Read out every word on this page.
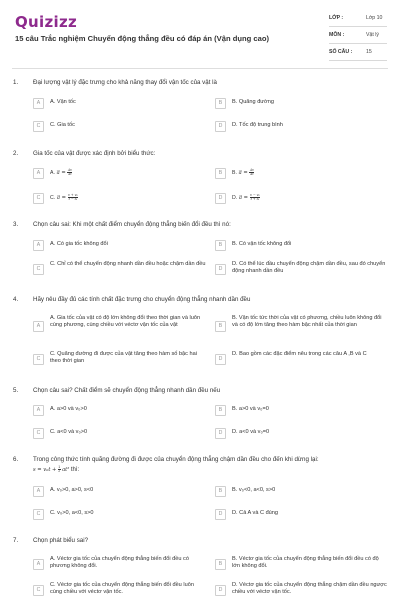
Quizizz
15 câu Trắc nghiệm Chuyển động thẳng đều có đáp án (Vận dụng cao)
LỚP :	Lớp 10
MÔN :	Vật lý
SỐ CÂU :	15
1. Đại lượng vật lý đặc trưng cho khả năng thay đổi vận tốc của vật là
A	A. Vận tốc	B	B. Quãng đường
C	C. Gia tốc	D	D. Tốc độ trung bình
2. Gia tốc của vật được xác định bởi biểu thức:
A	A. → $a = \frac{\Delta v}{\Delta t}$	B	B. → $a = \frac{\Delta v}{\Delta t}$
C	C. → $a = \frac{\text{v + v₀}}{\text{t − t₀}}$	D	D. → $a = \frac{\text{v − v₀}}{\text{t + t₀}}$
3. Chọn câu sai: Khi một chất điểm chuyển động thẳng biến đổi đều thì nó:
A	A. Có gia tốc không đổi	B	B. Có vận tốc không đổi
C
C. Chỉ có thể chuyển động nhanh dần đều hoặc chậm dần đều
D
D. Có thể lúc đầu chuyển động chậm dần đều, sau đó chuyển động nhanh dần đều
4. Hãy nêu đầy đủ các tính chất đặc trưng cho chuyển động thẳng nhanh dần đều
A
A. Gia tốc của vật có độ lớn không đổi theo thời gian và luôn cùng phương, cùng chiều với véctơ vận tốc của vật	B
B. Vận tốc tức thời của vật có phương, chiều luôn không đổi và có độ lớn tăng theo hàm bậc nhất của thời gian
C
C. Quãng đường đi được của vật tăng theo hàm số bậc hai theo thời gian	D
D. Bao gồm các đặc điểm nêu trong các câu A ,B và C
5. Chọn câu sai? Chất điểm sẽ chuyển động thẳng nhanh dần đều nếu
A	A. a>0 và v₀>0	B	B. a>0 và v₀=0
C	C. a<0 và v₀>0	D	D. a<0 và v₀=0
6. Trong công thức tính quãng đường đi được của chuyển động thẳng chậm dần đều cho đến khi dừng lại:
$s = v_0t + \frac{1}{2} at^2$ thì:
A	A. v₀>0, a>0, s<0	B	B. v₀<0, a<0, s>0
C	C. v₀>0, a<0, s>0	D	D. Cả A và C đúng
7. Chọn phát biểu sai?
A
A. Véctơ gia tốc của chuyển động thẳng biến đổi đều có phương không đổi.	B
B. Véctơ gia tốc của chuyển động thẳng biến đổi đều có độ lớn không đổi.
C
C. Véctơ gia tốc của chuyển động thẳng biến đổi đều luôn cùng chiều với véctơ vận tốc.	D
D. Véctơ gia tốc của chuyển động thẳng chậm dần đều ngược chiều với véctơ vận tốc.
